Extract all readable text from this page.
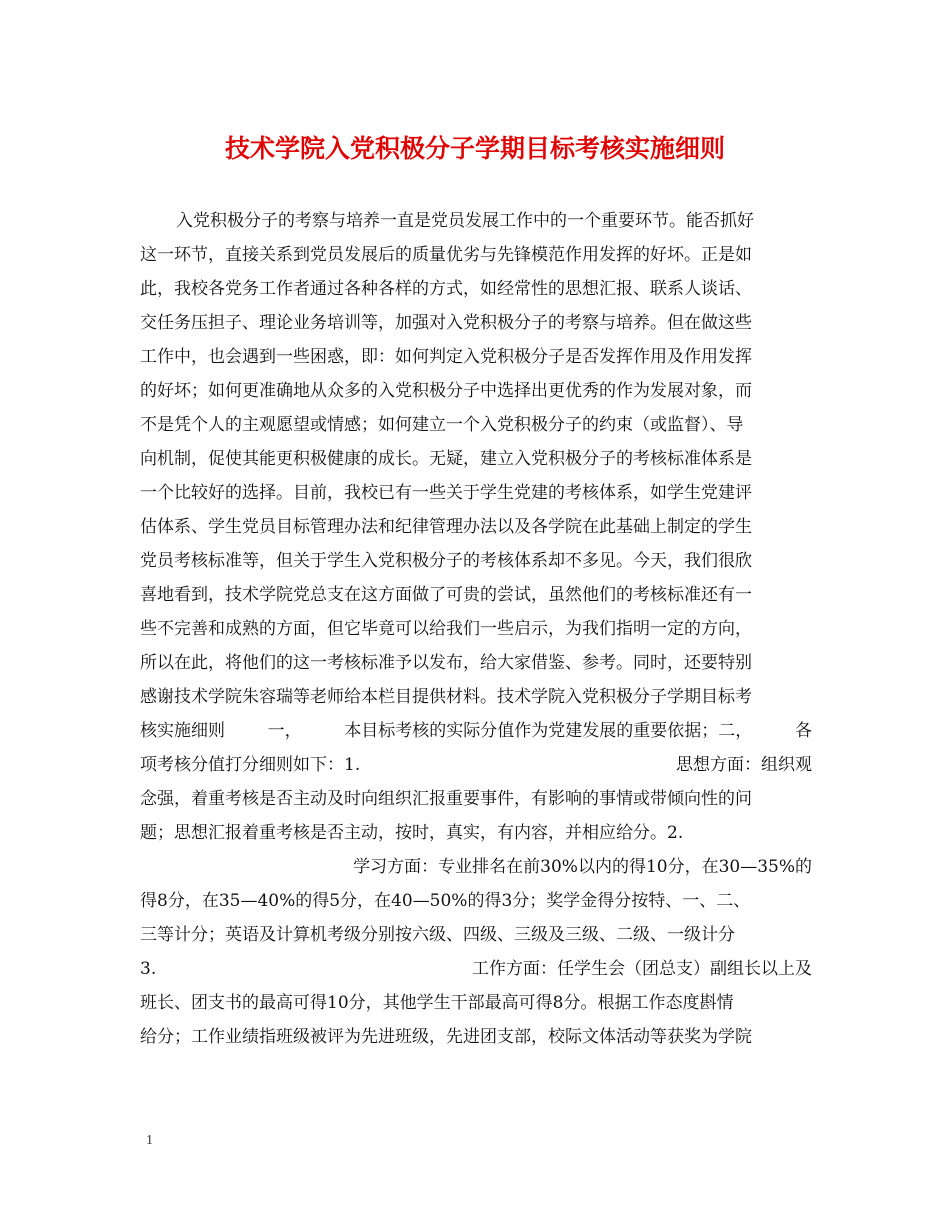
技术学院入党积极分子学期目标考核实施细则
入党积极分子的考察与培养一直是党员发展工作中的一个重要环节。能否抓好
这一环节，直接关系到党员发展后的质量优劣与先锋模范作用发挥的好坏。正是如
此，我校各党务工作者通过各种各样的方式，如经常性的思想汇报、联系人谈话、
交任务压担子、理论业务培训等，加强对入党积极分子的考察与培养。但在做这些
工作中，也会遇到一些困惑，即：如何判定入党积极分子是否发挥作用及作用发挥
的好坏；如何更准确地从众多的入党积极分子中选择出更优秀的作为发展对象，而
不是凭个人的主观愿望或情感；如何建立一个入党积极分子的约束（或监督）、导
向机制，促使其能更积极健康的成长。无疑，建立入党积极分子的考核标准体系是
一个比较好的选择。目前，我校已有一些关于学生党建的考核体系，如学生党建评
估体系、学生党员目标管理办法和纪律管理办法以及各学院在此基础上制定的学生
党员考核标准等，但关于学生入党积极分子的考核体系却不多见。今天，我们很欣
喜地看到，技术学院党总支在这方面做了可贵的尝试，虽然他们的考核标准还有一
些不完善和成熟的方面，但它毕竟可以给我们一些启示，为我们指明一定的方向，
所以在此，将他们的这一考核标准予以发布，给大家借鉴、参考。同时，还要特别
感谢技术学院朱容瑞等老师给本栏目提供材料。技术学院入党积极分子学期目标考
核实施细则	一，	本目标考核的实际分值作为党建发展的重要依据；二，	各
项考核分值打分细则如下：1.	思想方面：组织观
念强，着重考核是否主动及时向组织汇报重要事件，有影响的事情或带倾向性的问
题；思想汇报着重考核是否主动，按时，真实，有内容，并相应给分。2.
学习方面：专业排名在前30%以内的得10分，在30—35%的
得8分，在35—40%的得5分，在40—50%的得3分；奖学金得分按特、一、二、
三等计分；英语及计算机考级分别按六级、四级、三级及三级、二级、一级计分
3.	工作方面：任学生会（团总支）副组长以上及
班长、团支书的最高可得10分，其他学生干部最高可得8分。根据工作态度斟情
给分；工作业绩指班级被评为先进班级，先进团支部，校际文体活动等获奖为学院
1
